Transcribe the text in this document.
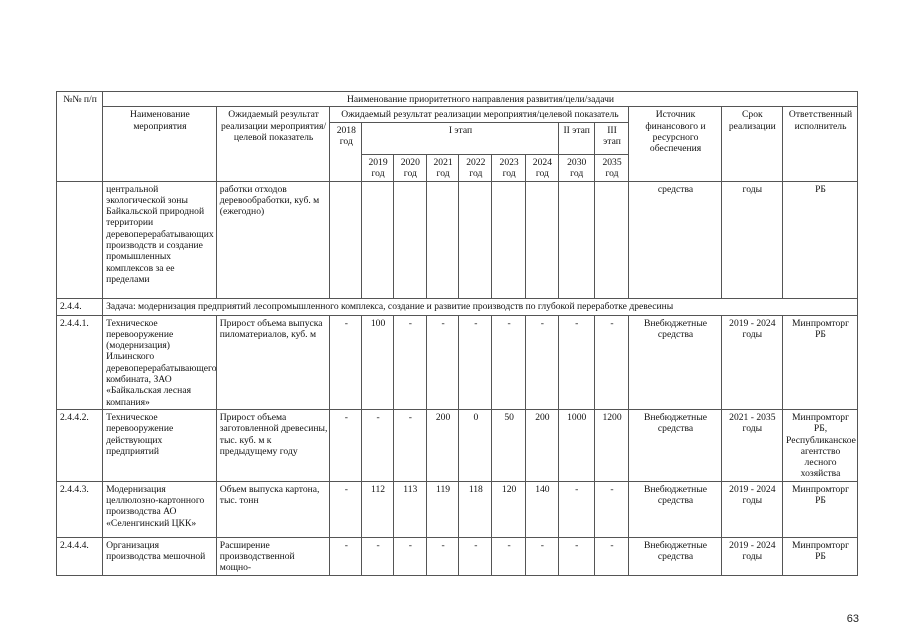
№№ п/п	Наименование приоритетного направления развития/цели/задачи													
	Наименование мероприятия	Ожидаемый результат реализации мероприятия/целевой показатель	Ожидаемый результат реализации мероприятия/целевой показатель									Источник финансового и ресурсного обеспечения	Срок реализации	Ответственный исполнитель
			2018 год	I этап						II этап	III этап			
				2019 год	2020 год	2021 год	2022 год	2023 год	2024 год	2030 год	2035 год			
	центральной экологической зоны Байкальской природной территории деревоперерабатывающих производств и создание промышленных комплексов за ее пределами	работки отходов деревообработки, куб. м (ежегодно)										средства	годы	РБ
2.4.4.	Задача: модернизация предприятий лесопромышленного комплекса, создание и развитие производств по глубокой переработке древесины													
2.4.4.1.	Техническое перевооружение (модернизация) Ильинского деревоперерабатывающего комбината, ЗАО «Байкальская лесная компания»	Прирост объема выпуска пиломатериалов, куб. м	-	100	-	-	-	-	-	-	-	Внебюджетные средства	2019 - 2024 годы	Минпромторг РБ
2.4.4.2.	Техническое перевооружение действующих предприятий	Прирост объема заготовленной древесины, тыс. куб. м к предыдущему году	-	-	-	200	0	50	200	1000	1200	Внебюджетные средства	2021 - 2035 годы	Минпромторг РБ, Республиканское агентство лесного хозяйства
2.4.4.3.	Модернизация целлюлозно-картонного производства АО «Селенгинский ЦКК»	Объем выпуска картона, тыс. тонн	-	112	113	119	118	120	140	-	-	Внебюджетные средства	2019 - 2024 годы	Минпромторг РБ
2.4.4.4.	Организация производства мешочной	Расширение производственной мощно-	-	-	-	-	-	-	-	-	-	Внебюджетные средства	2019 - 2024 годы	Минпромторг РБ
63
